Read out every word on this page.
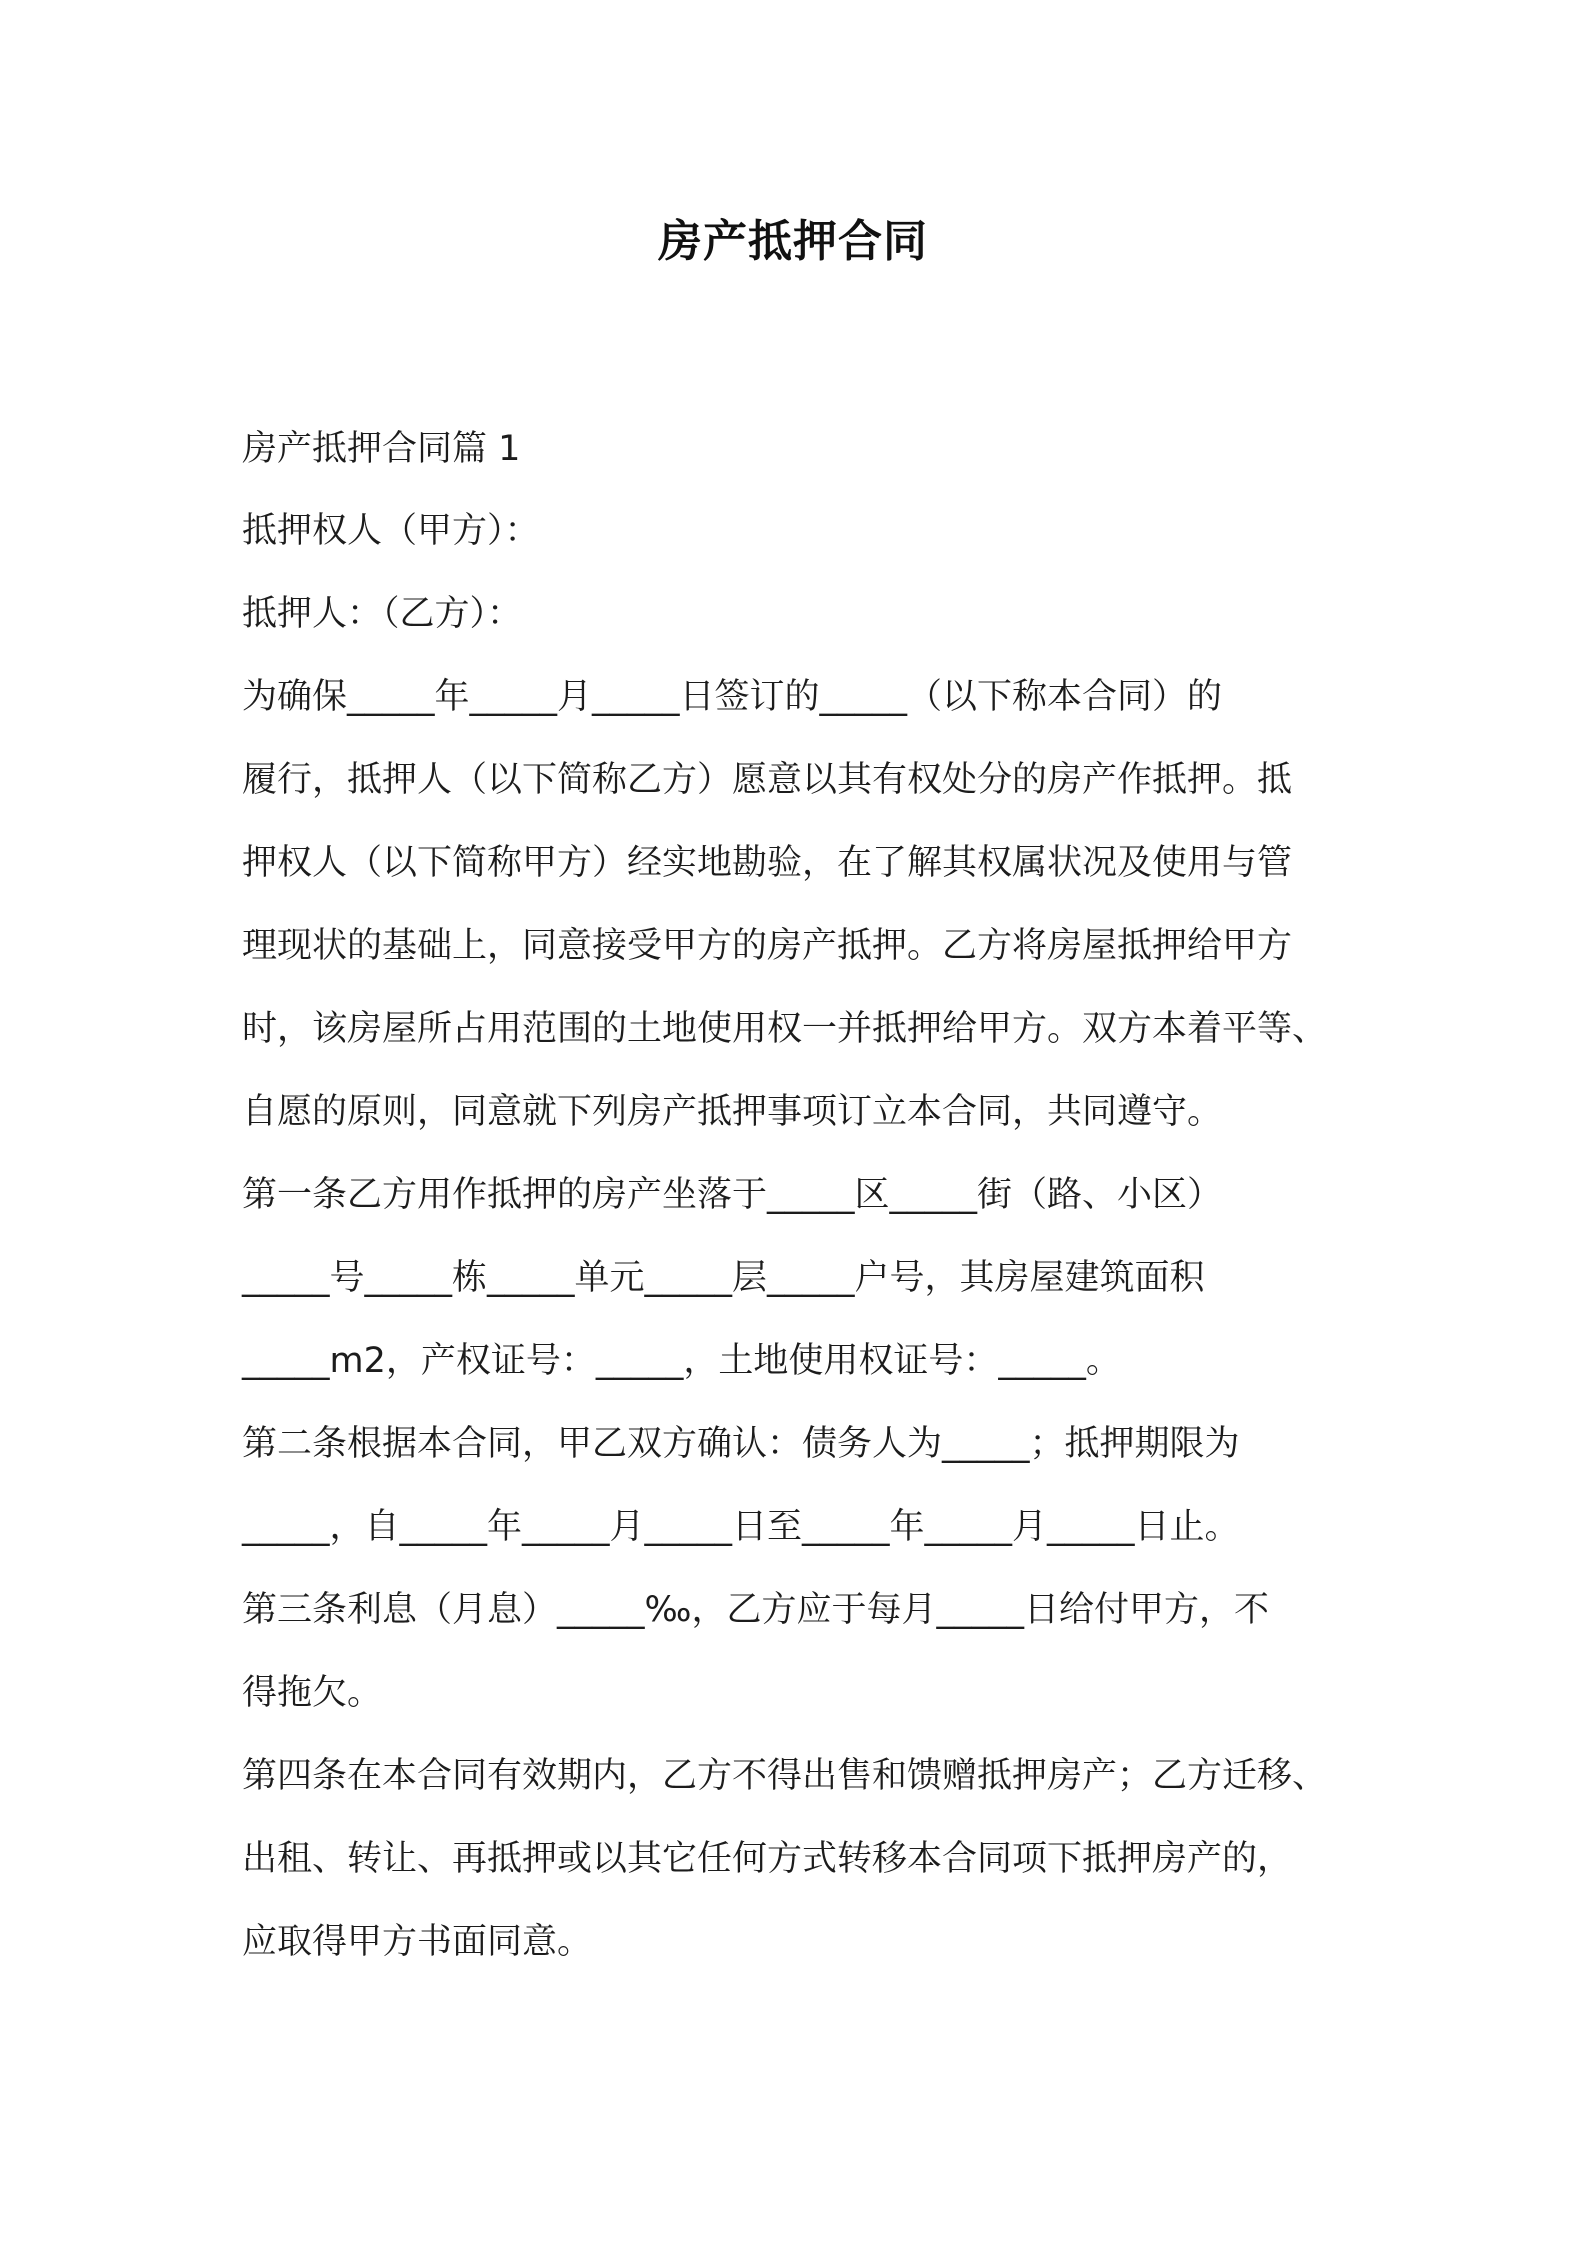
房产抵押合同
房产抵押合同篇 1
抵押权人（甲方）：
抵押人：（乙方）：
为确保_____年_____月_____日签订的_____（以下称本合同）的
履行，抵押人（以下简称乙方）愿意以其有权处分的房产作抵押。抵
押权人（以下简称甲方）经实地勘验，在了解其权属状况及使用与管
理现状的基础上，同意接受甲方的房产抵押。乙方将房屋抵押给甲方
时，该房屋所占用范围的土地使用权一并抵押给甲方。双方本着平等、
自愿的原则，同意就下列房产抵押事项订立本合同，共同遵守。
第一条乙方用作抵押的房产坐落于_____区_____街（路、小区）
_____号_____栋_____单元_____层_____户号，其房屋建筑面积
_____m2，产权证号：_____，土地使用权证号：_____。
第二条根据本合同，甲乙双方确认：债务人为_____；抵押期限为
_____，自_____年_____月_____日至_____年_____月_____日止。
第三条利息（月息）_____‰，乙方应于每月_____日给付甲方，不
得拖欠。
第四条在本合同有效期内，乙方不得出售和馈赠抵押房产；乙方迁移、
出租、转让、再抵押或以其它任何方式转移本合同项下抵押房产的，
应取得甲方书面同意。
